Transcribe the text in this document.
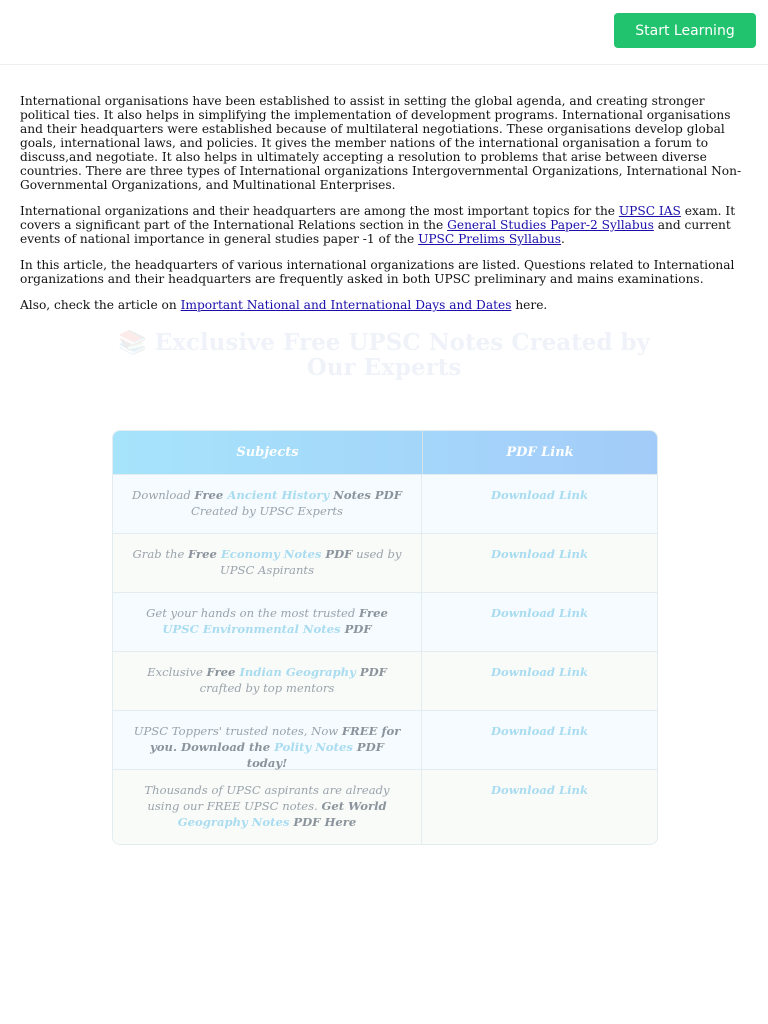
Start Learning

International organisations have been established to assist in setting the global agenda, and creating stronger political ties. It also helps in simplifying the implementation of development programs. International organisations and their headquarters were established because of multilateral negotiations. These organisations develop global goals, international laws, and policies. It gives the member nations of the international organisation a forum to discuss,and negotiate. It also helps in ultimately accepting a resolution to problems that arise between diverse countries. There are three types of International organizations Intergovernmental Organizations, International Non-Governmental Organizations, and Multinational Enterprises.

International organizations and their headquarters are among the most important topics for the UPSC IAS exam. It covers a significant part of the International Relations section in the General Studies Paper-2 Syllabus and current events of national importance in general studies paper -1 of the UPSC Prelims Syllabus.

In this article, the headquarters of various international organizations are listed. Questions related to International organizations and their headquarters are frequently asked in both UPSC preliminary and mains examinations.

Also, check the article on Important National and International Days and Dates here.

📚 Exclusive Free UPSC Notes Created by Our Experts
Subjects	PDF Link
Download Free Ancient History Notes PDF Created by UPSC Experts
Download Link
Grab the Free Economy Notes PDF used by UPSC Aspirants
Download Link
Get your hands on the most trusted Free UPSC Environmental Notes PDF
Download Link
Exclusive Free Indian Geography PDF crafted by top mentors
Download Link
UPSC Toppers' trusted notes, Now FREE for you. Download the Polity Notes PDF today!
Download Link
Thousands of UPSC aspirants are already using our FREE UPSC notes. Get World Geography Notes PDF Here
Download Link
